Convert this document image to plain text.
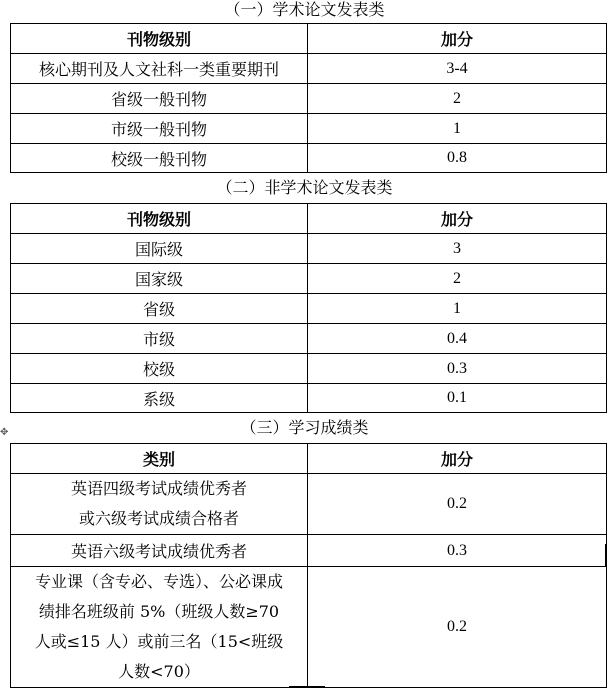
（一）学术论文发表类
刊物级别	加分
核心期刊及人文社科一类重要期刊	3-4
省级一般刊物	2
市级一般刊物	1
校级一般刊物	0.8
（二）非学术论文发表类
刊物级别	加分
国际级	3
国家级	2
省级	1
市级	0.4
校级	0.3
系级	0.1
✥	（三）学习成绩类
类别	加分

英语四级考试成绩优秀者
或六级考试成绩合格者	0.2
英语六级考试成绩优秀者	0.3

专业课（含专必、专选）、公必课成
绩排名班级前 5%（班级人数≥70
人或≤15 人）或前三名（15<班级
人数<70）	0.2
